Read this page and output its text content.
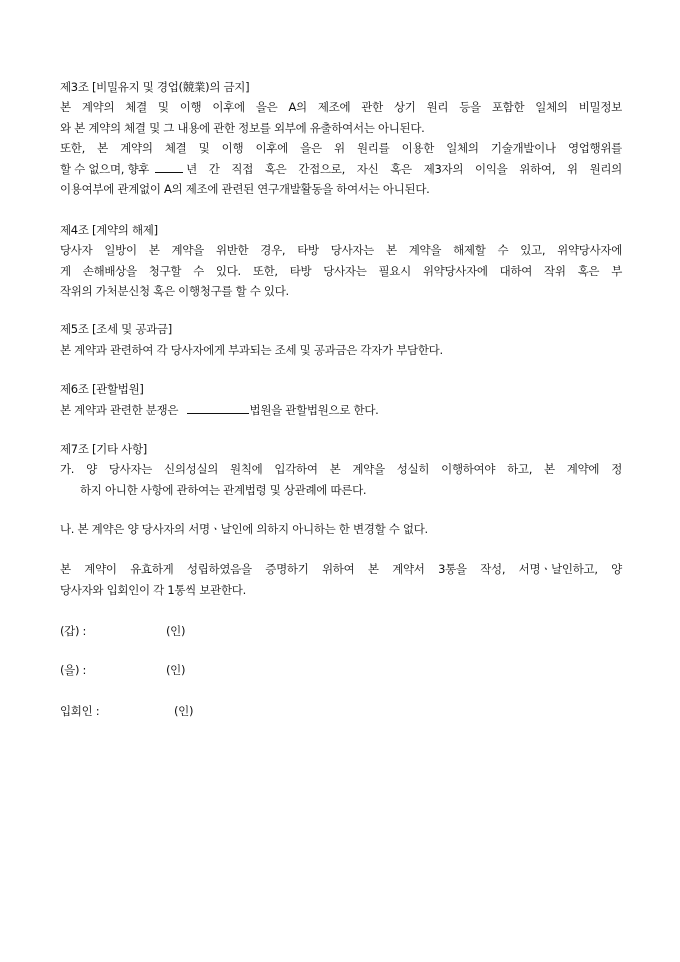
제3조 [비밀유지 및 경업(競業)의 금지]
본 계약의 체결 및 이행 이후에 을은 A의 제조에 관한 상기 원리 등을 포함한 일체의 비밀정보
와 본 계약의 체결 및 그 내용에 관한 정보를 외부에 유출하여서는 아니된다.
또한, 본 계약의 체결 및 이행 이후에 을은 위 원리를 이용한 일체의 기술개발이나 영업행위를
할 수 없으며, 향후	년 간 직접 혹은 간접으로, 자신 혹은 제3자의 이익을 위하여, 위 원리의
이용여부에 관계없이 A의 제조에 관련된 연구개발활동을 하여서는 아니된다.
제4조 [계약의 해제]
당사자 일방이 본 계약을 위반한 경우, 타방 당사자는 본 계약을 해제할 수 있고, 위약당사자에
게 손해배상을 청구할 수 있다. 또한, 타방 당사자는 필요시 위약당사자에 대하여 작위 혹은 부
작위의 가처분신청 혹은 이행청구를 할 수 있다.
제5조 [조세 및 공과금]
본 계약과 관련하여 각 당사자에게 부과되는 조세 및 공과금은 각자가 부담한다.
제6조 [관할법원]
본 계약과 관련한 분쟁은	법원을 관할법원으로 한다.
제7조 [기타 사항]
가. 양 당사자는 신의성실의 원칙에 입각하여 본 계약을 성실히 이행하여야 하고, 본 계약에 정
하지 아니한 사항에 관하여는 관계법령 및 상관례에 따른다.
나. 본 계약은 양 당사자의 서명ㆍ날인에 의하지 아니하는 한 변경할 수 없다.
본 계약이 유효하게 성립하였음을 증명하기 위하여 본 계약서 3통을 작성, 서명ㆍ날인하고, 양
당사자와 입회인이 각 1통씩 보관한다.
(갑) :	(인)
(을) :	(인)
입회인 :	(인)
